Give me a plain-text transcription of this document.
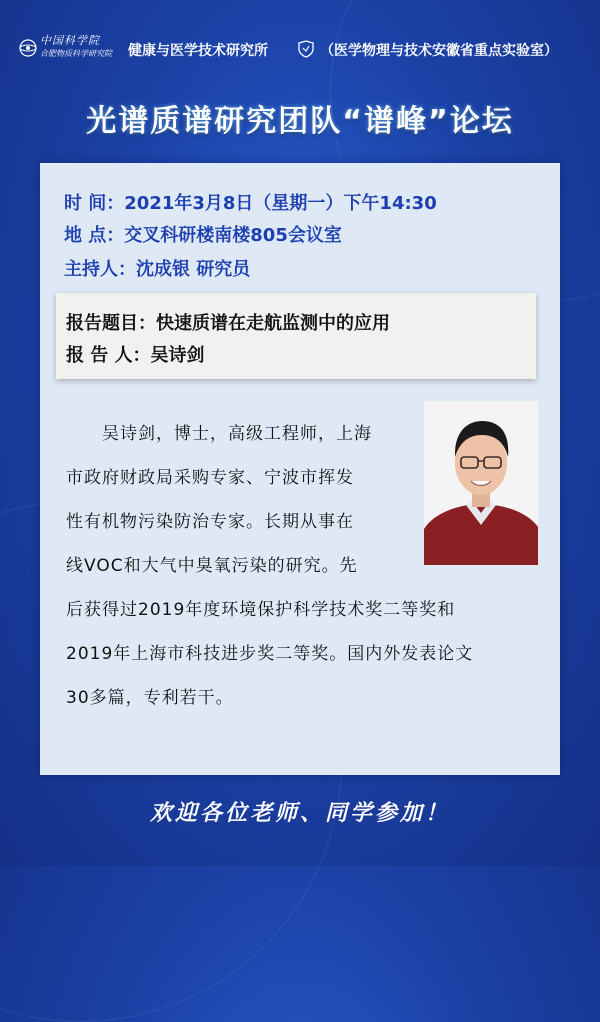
中国科学院
合肥物质科学研究院	健康与医学技术研究所	（医学物理与技术安徽省重点实验室）
光谱质谱研究团队“谱峰”论坛
时 间：2021年3月8日（星期一）下午14:30
地 点：交叉科研楼南楼805会议室
主持人：沈成银 研究员
报告题目：快速质谱在走航监测中的应用
报 告 人：吴诗剑
吴诗剑，博士，高级工程师，上海
市政府财政局采购专家、宁波市挥发
性有机物污染防治专家。长期从事在
线VOC和大气中臭氧污染的研究。先
后获得过2019年度环境保护科学技术奖二等奖和
2019年上海市科技进步奖二等奖。国内外发表论文
30多篇，专利若干。
欢迎各位老师、同学参加！
